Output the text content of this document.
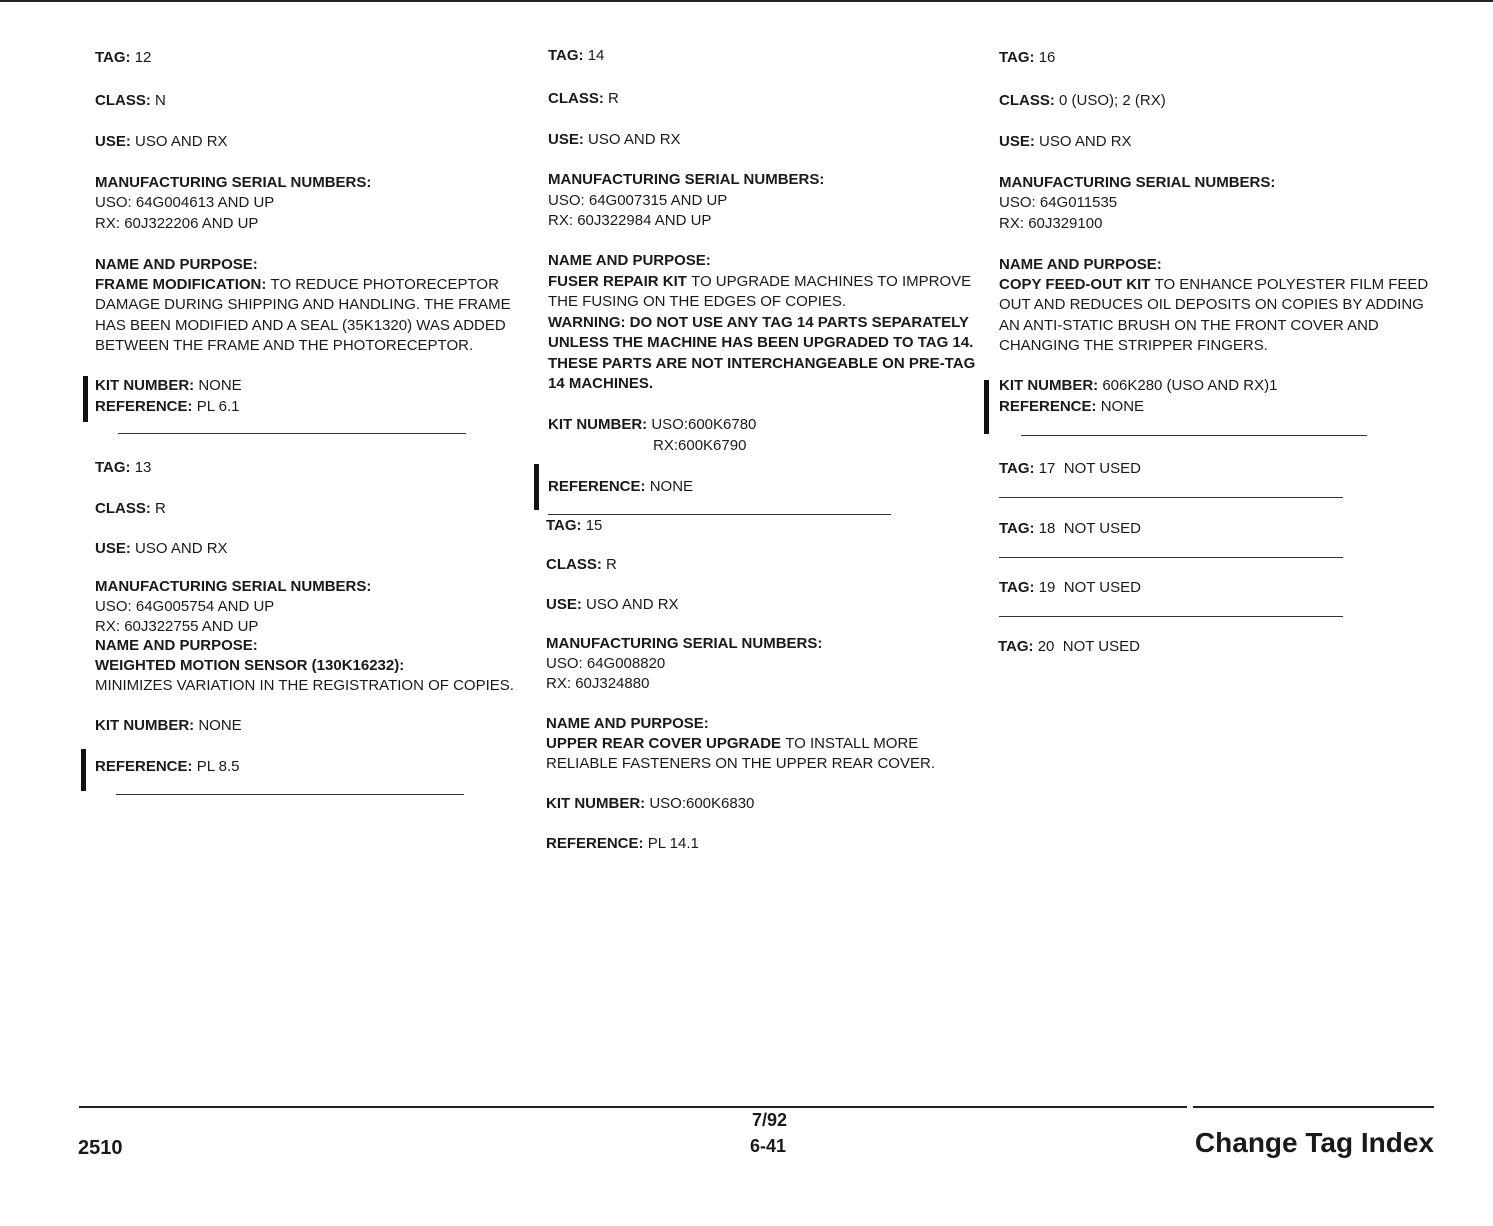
TAG: 12
CLASS: N
USE: USO AND RX
MANUFACTURING SERIAL NUMBERS:
USO: 64G004613 AND UP
RX: 60J322206 AND UP
NAME AND PURPOSE:
FRAME MODIFICATION: TO REDUCE PHOTORECEPTOR
DAMAGE DURING SHIPPING AND HANDLING. THE FRAME
HAS BEEN MODIFIED AND A SEAL (35K1320) WAS ADDED
BETWEEN THE FRAME AND THE PHOTORECEPTOR.
KIT NUMBER: NONE
REFERENCE: PL 6.1
TAG: 13
CLASS: R
USE: USO AND RX
MANUFACTURING SERIAL NUMBERS:
USO: 64G005754 AND UP
RX: 60J322755 AND UP
NAME AND PURPOSE:
WEIGHTED MOTION SENSOR (130K16232):
MINIMIZES VARIATION IN THE REGISTRATION OF COPIES.
KIT NUMBER: NONE
REFERENCE: PL 8.5
TAG: 14
CLASS: R
USE: USO AND RX
MANUFACTURING SERIAL NUMBERS:
USO: 64G007315 AND UP
RX: 60J322984 AND UP
NAME AND PURPOSE:
FUSER REPAIR KIT TO UPGRADE MACHINES TO IMPROVE
THE FUSING ON THE EDGES OF COPIES.
WARNING: DO NOT USE ANY TAG 14 PARTS SEPARATELY
UNLESS THE MACHINE HAS BEEN UPGRADED TO TAG 14.
THESE PARTS ARE NOT INTERCHANGEABLE ON PRE-TAG
14 MACHINES.
KIT NUMBER: USO:600K6780
RX:600K6790
REFERENCE: NONE
TAG: 15
CLASS: R
USE: USO AND RX
MANUFACTURING SERIAL NUMBERS:
USO: 64G008820
RX: 60J324880
NAME AND PURPOSE:
UPPER REAR COVER UPGRADE TO INSTALL MORE
RELIABLE FASTENERS ON THE UPPER REAR COVER.
KIT NUMBER: USO:600K6830
REFERENCE: PL 14.1
TAG: 16
CLASS: 0 (USO); 2 (RX)
USE: USO AND RX
MANUFACTURING SERIAL NUMBERS:
USO: 64G011535
RX: 60J329100
NAME AND PURPOSE:
COPY FEED-OUT KIT TO ENHANCE POLYESTER FILM FEED
OUT AND REDUCES OIL DEPOSITS ON COPIES BY ADDING
AN ANTI-STATIC BRUSH ON THE FRONT COVER AND
CHANGING THE STRIPPER FINGERS.
KIT NUMBER: 606K280 (USO AND RX)1
REFERENCE: NONE
TAG: 17 NOT USED
TAG: 18 NOT USED
TAG: 19 NOT USED
TAG: 20 NOT USED
2510
7/92
6-41	Change Tag Index
